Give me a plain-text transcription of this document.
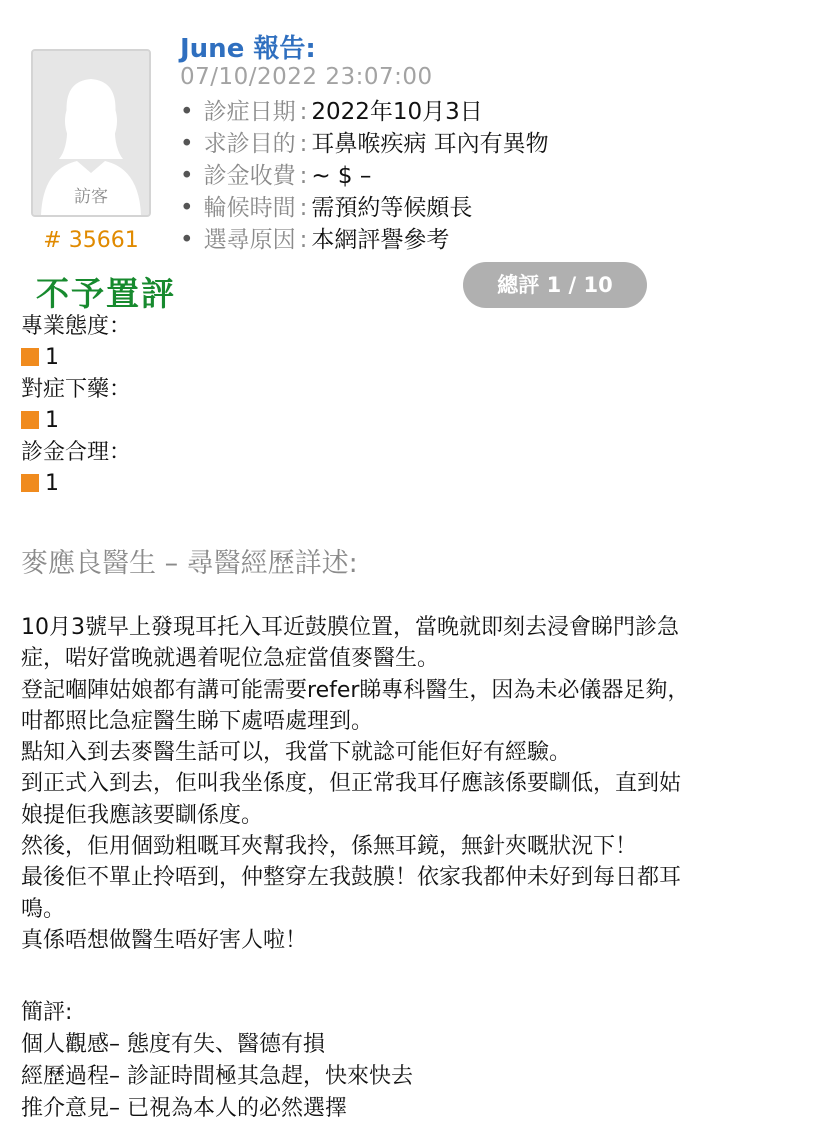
訪客
# 35661
June 報告:
07/10/2022 23:07:00
• 診症日期 : 2022年10月3日
• 求診目的 : 耳鼻喉疾病 耳內有異物
• 診金收費 : ~ $ –
• 輪候時間 : 需預約等候頗長
• 選尋原因 : 本網評譽參考
不予置評	總評 1 / 10
專業態度：
1
對症下藥：
1
診金合理：
1
麥應良醫生 – 尋醫經歷詳述:

10月3號早上發現耳托入耳近鼓膜位置，當晚就即刻去浸會睇門診急

症，啱好當晚就遇着呢位急症當值麥醫生。

登記嗰陣姑娘都有講可能需要refer睇專科醫生，因為未必儀器足夠，

咁都照比急症醫生睇下處唔處理到。

點知入到去麥醫生話可以，我當下就諗可能佢好有經驗。

到正式入到去，佢叫我坐係度，但正常我耳仔應該係要瞓低，直到姑

娘提佢我應該要瞓係度。

然後，佢用個勁粗嘅耳夾幫我拎，係無耳鏡，無針夾嘅狀況下！

最後佢不單止拎唔到，仲整穿左我鼓膜！依家我都仲未好到每日都耳

鳴。

真係唔想做醫生唔好害人啦！

簡評:

個人觀感– 態度有失、醫德有損

經歷過程– 診証時間極其急趕，快來快去

推介意見– 已視為本人的必然選擇
